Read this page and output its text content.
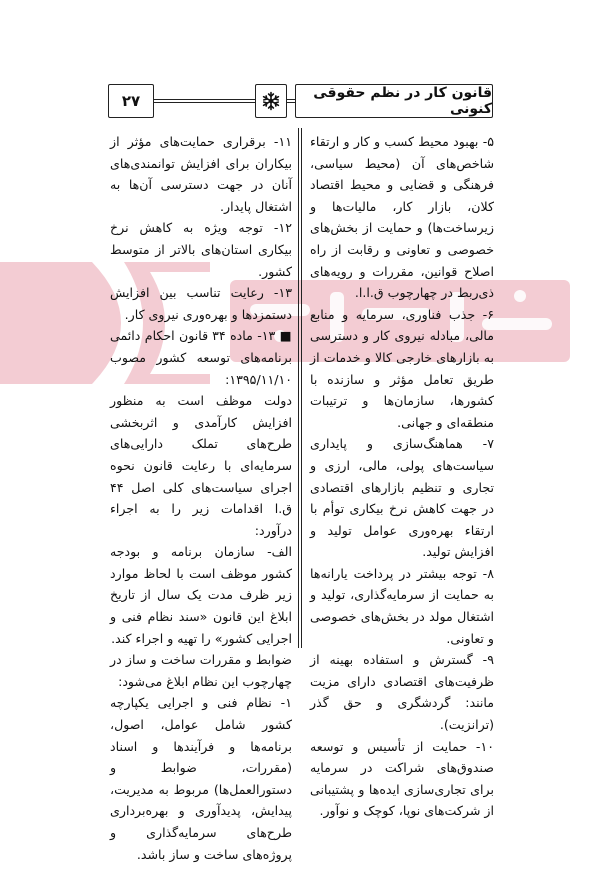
قانون کار در نظم حقوقی کنونی
۲۷

۵- بهبود محیط کسب و کار و ارتقاء شاخص‌های آن (محیط سیاسی، فرهنگی و قضایی و محیط اقتصاد کلان، بازار کار، مالیات‌ها و زیرساخت‌ها) و حمایت از بخش‌های خصوصی و تعاونی و رقابت از راه اصلاح قوانین، مقررات و رویه‌های ذی‌ربط در چهارچوب ق.ا.ا.

۶- جذب فناوری، سرمایه و منابع مالی، مبادله نیروی کار و دسترسی به بازارهای خارجی کالا و خدمات از طریق تعامل مؤثر و سازنده با کشورها، سازمان‌ها و ترتیبات منطقه‌ای و جهانی.

۷- هماهنگ‌سازی و پایداری سیاست‌های پولی، مالی، ارزی و تجاری و تنظیم بازارهای اقتصادی در جهت کاهش نرخ بیکاری توأم با ارتقاء بهره‌وری عوامل تولید و افزایش تولید.

۸- توجه بیشتر در پرداخت یارانه‌ها به حمایت از سرمایه‌گذاری، تولید و اشتغال مولد در بخش‌های خصوصی و تعاونی.

۹- گسترش و استفاده بهینه از ظرفیت‌های اقتصادی دارای مزیت مانند: گردشگری و حق گذر (ترانزیت).

۱۰- حمایت از تأسیس و توسعه صندوق‌های شراکت در سرمایه برای تجاری‌سازی ایده‌ها و پشتیبانی از شرکت‌های نوپا، کوچک و نوآور.

۱۱- برقراری حمایت‌های مؤثر از بیکاران برای افزایش توانمندی‌های آنان در جهت دسترسی آن‌ها به اشتغال پایدار.

۱۲- توجه ویژه به کاهش نرخ بیکاری استان‌های بالاتر از متوسط کشور.

۱۳- رعایت تناسب بین افزایش دستمزدها و بهره‌وری نیروی کار.

■ ۱۳- ماده ۳۴ قانون احکام دائمی برنامه‌های توسعه کشور مصوب ۱۳۹۵/۱۱/۱۰:

دولت موظف است به منظور افزایش کارآمدی و اثربخشی طرح‌های تملک دارایی‌های سرمایه‌ای با رعایت قانون نحوه اجرای سیاست‌های کلی اصل ۴۴ ق.ا اقدامات زیر را به اجراء درآورد:

الف- سازمان برنامه و بودجه کشور موظف است با لحاظ موارد زیر ظرف مدت یک سال از تاریخ ابلاغ این قانون «سند نظام فنی و اجرایی کشور» را تهیه و اجراء کند.

ضوابط و مقررات ساخت و ساز در چهارچوب این نظام ابلاغ می‌شود:

۱- نظام فنی و اجرایی یکپارچه کشور شامل عوامل، اصول، برنامه‌ها و فرآیندها و اسناد (مقررات، ضوابط و دستورالعمل‌ها) مربوط به مدیریت، پیدایش، پدیدآوری و بهره‌برداری طرح‌های سرمایه‌گذاری و پروژه‌های ساخت و ساز باشد.
